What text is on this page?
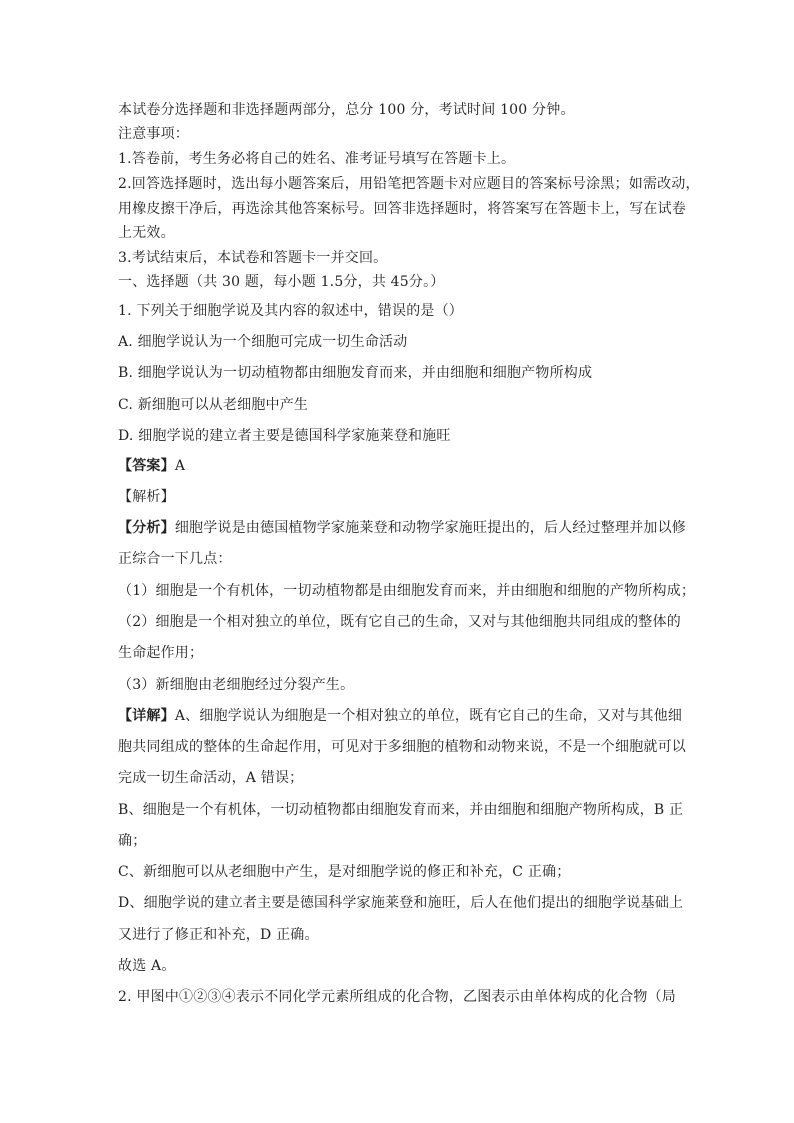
本试卷分选择题和非选择题两部分，总分 100 分，考试时间 100 分钟。
注意事项：
1.答卷前，考生务必将自己的姓名、准考证号填写在答题卡上。
2.回答选择题时，选出每小题答案后，用铅笔把答题卡对应题目的答案标号涂黑；如需改动，
用橡皮擦干净后，再选涂其他答案标号。回答非选择题时，将答案写在答题卡上，写在试卷
上无效。
3.考试结束后，本试卷和答题卡一并交回。
一、选择题（共 30 题，每小题 1.5分，共 45分。）
1. 下列关于细胞学说及其内容的叙述中，错误的是（）
A. 细胞学说认为一个细胞可完成一切生命活动
B. 细胞学说认为一切动植物都由细胞发育而来，并由细胞和细胞产物所构成
C. 新细胞可以从老细胞中产生
D. 细胞学说的建立者主要是德国科学家施莱登和施旺
【答案】A
【解析】
【分析】细胞学说是由德国植物学家施莱登和动物学家施旺提出的，后人经过整理并加以修
正综合一下几点：
（1）细胞是一个有机体，一切动植物都是由细胞发育而来，并由细胞和细胞的产物所构成；
（2）细胞是一个相对独立的单位，既有它自己的生命，又对与其他细胞共同组成的整体的
生命起作用；
（3）新细胞由老细胞经过分裂产生。
【详解】A、细胞学说认为细胞是一个相对独立的单位，既有它自己的生命，又对与其他细
胞共同组成的整体的生命起作用，可见对于多细胞的植物和动物来说，不是一个细胞就可以
完成一切生命活动，A 错误；
B、细胞是一个有机体，一切动植物都由细胞发育而来，并由细胞和细胞产物所构成，B 正
确；
C、新细胞可以从老细胞中产生，是对细胞学说的修正和补充，C 正确；
D、细胞学说的建立者主要是德国科学家施莱登和施旺，后人在他们提出的细胞学说基础上
又进行了修正和补充，D 正确。
故选 A。
2. 甲图中①②③④表示不同化学元素所组成的化合物，乙图表示由单体构成的化合物（局
